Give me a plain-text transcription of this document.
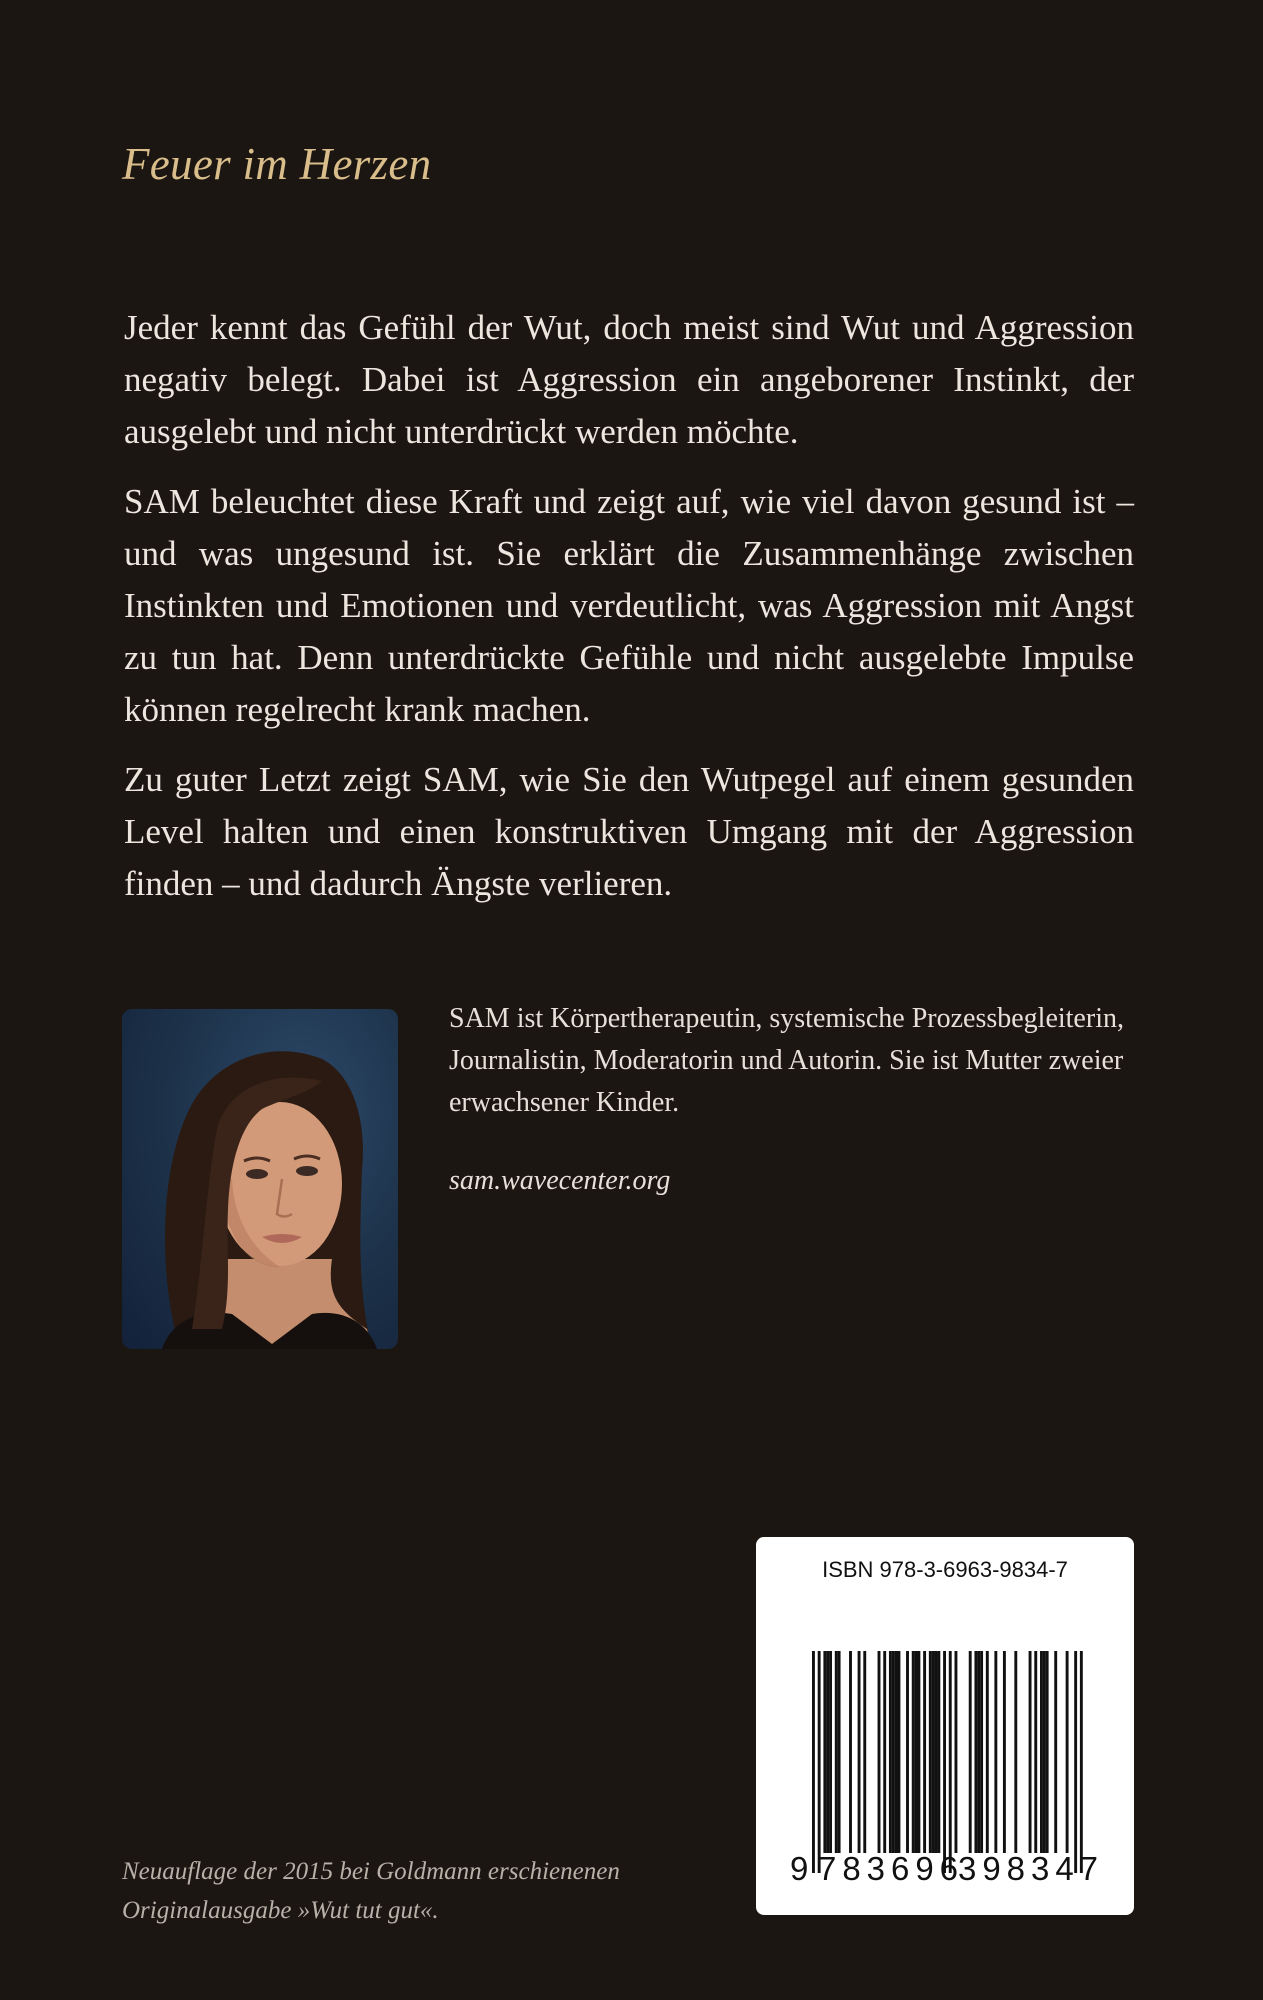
Feuer im Herzen

Jeder kennt das Gefühl der Wut, doch meist sind Wut und Aggression negativ belegt. Dabei ist Aggression ein angeborener Instinkt, der ausgelebt und nicht unterdrückt werden möchte.

SAM beleuchtet diese Kraft und zeigt auf, wie viel davon gesund ist – und was ungesund ist. Sie erklärt die Zusammenhänge zwischen Instinkten und Emotionen und verdeutlicht, was Aggression mit Angst zu tun hat. Denn unterdrückte Gefühle und nicht ausgelebte Impulse können regelrecht krank machen.

Zu guter Letzt zeigt SAM, wie Sie den Wutpegel auf einem gesunden Level halten und einen konstruktiven Umgang mit der Aggression finden – und dadurch Ängste verlieren.

SAM ist Körpertherapeutin, systemische Prozessbegleiterin, Journalistin, Moderatorin und Autorin. Sie ist Mutter zweier erwachsener Kinder.
sam.wavecenter.org
Neuauflage der 2015 bei Goldmann erschienenen Originalausgabe »Wut tut gut«.
ISBN 978-3-6963-9834-7
9 783696 398347
